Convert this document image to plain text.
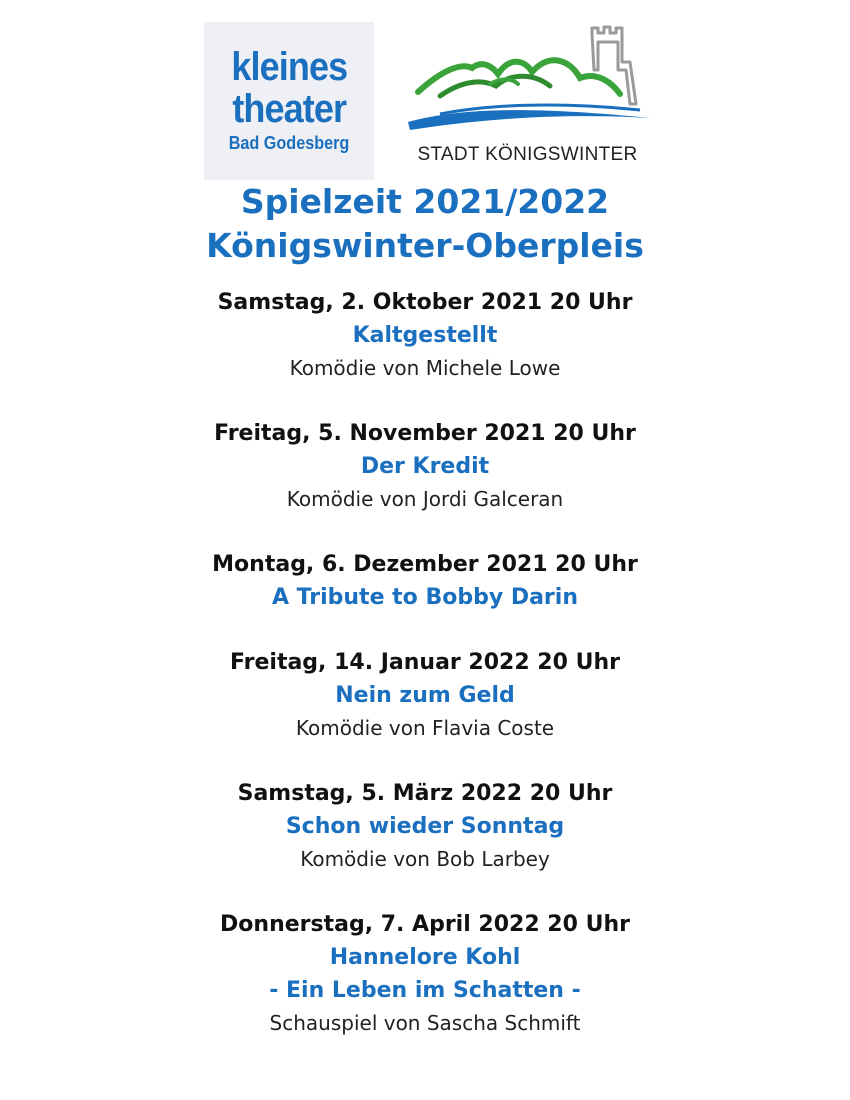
kleines
theater
Bad Godesberg
STADT KÖNIGSWINTER
Spielzeit 2021/2022
Königswinter-Oberpleis
Samstag, 2. Oktober 2021 20 Uhr
Kaltgestellt
Komödie von Michele Lowe
Freitag, 5. November 2021 20 Uhr
Der Kredit
Komödie von Jordi Galceran
Montag, 6. Dezember 2021 20 Uhr
A Tribute to Bobby Darin
Freitag, 14. Januar 2022 20 Uhr
Nein zum Geld
Komödie von Flavia Coste
Samstag, 5. März 2022 20 Uhr
Schon wieder Sonntag
Komödie von Bob Larbey
Donnerstag, 7. April 2022 20 Uhr
Hannelore Kohl
- Ein Leben im Schatten -
Schauspiel von Sascha Schmift
